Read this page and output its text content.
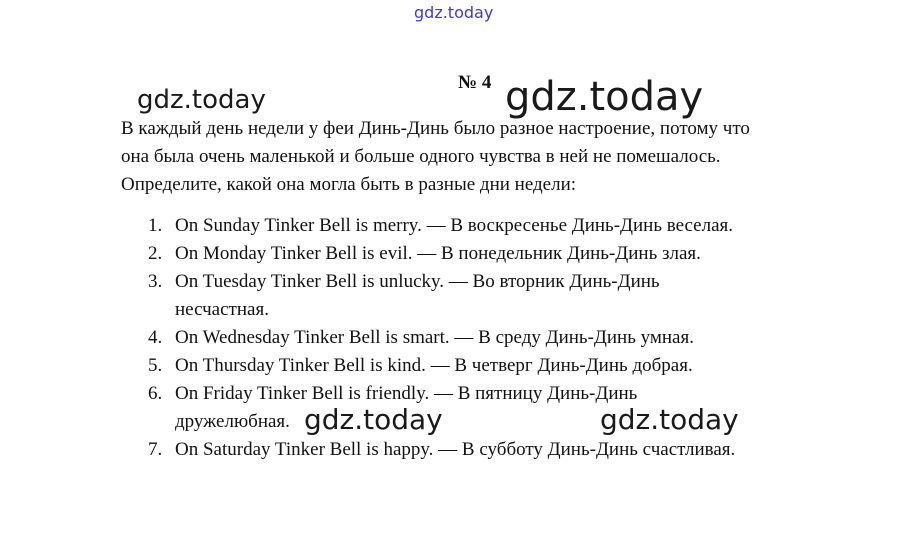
gdz.today
gdz.today
№ 4 gdz.today
В каждый день недели у феи Динь-Динь было разное настроение, потому что
она была очень маленькой и больше одного чувства в ней не помешалось.
Определите, какой она могла быть в разные дни недели:
1. On Sunday Tinker Bell is merry. — В воскресенье Динь-Динь веселая.
2. On Monday Tinker Bell is evil. — В понедельник Динь-Динь злая.
3. On Tuesday Tinker Bell is unlucky. — Во вторник Динь-Динь
несчастная.
4. On Wednesday Tinker Bell is smart. — В среду Динь-Динь умная.
5. On Thursday Tinker Bell is kind. — В четверг Динь-Динь добрая.
6. On Friday Tinker Bell is friendly. — В пятницу Динь-Динь
дружелюбная.
7. On Saturday Tinker Bell is happy. — В субботу Динь-Динь счастливая.
gdz.today	gdz.today
